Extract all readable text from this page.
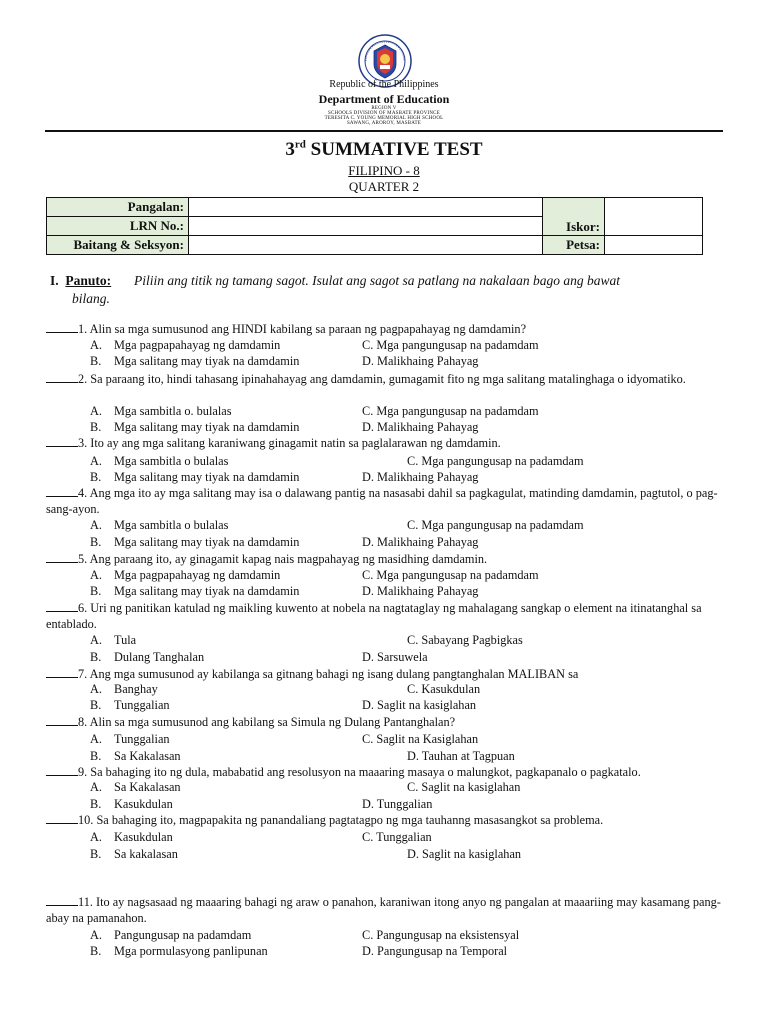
Republic of the Philippines
Department of Education
REGION V
SCHOOLS DIVISION OF MASBATE PROVINCE
TERESITA C. YOUNG MEMORIAL HIGH SCHOOL
SAWANG, AROROY, MASBATE
3rd SUMMATIVE TEST
FILIPINO - 8
QUARTER 2
Pangalan:		Iskor:	
LRN No.:			
Baitang & Seksyon:		Petsa:	
I. Panuto: Piliin ang titik ng tamang sagot. Isulat ang sagot sa patlang na nakalaan bago ang bawat
bilang.
1. Alin sa mga sumusunod ang HINDI kabilang sa paraan ng pagpapahayag ng damdamin?
A. Mga pagpapahayag ng damdamin	C. Mga pangungusap na padamdam
B. Mga salitang may tiyak na damdamin	D. Malikhaing Pahayag
2. Sa paraang ito, hindi tahasang ipinahahayag ang damdamin, gumagamit fito ng mga salitang matalinghaga o idyomatiko.
A. Mga sambitla o. bulalas	C. Mga pangungusap na padamdam
B. Mga salitang may tiyak na damdamin	D. Malikhaing Pahayag
3. Ito ay ang mga salitang karaniwang ginagamit natin sa paglalarawan ng damdamin.
A. Mga sambitla o bulalas	C. Mga pangungusap na padamdam
B. Mga salitang may tiyak na damdamin	D. Malikhaing Pahayag
4. Ang mga ito ay mga salitang may isa o dalawang pantig na nasasabi dahil sa pagkagulat, matinding damdamin, pagtutol, o pag-sang-ayon.
A. Mga sambitla o bulalas	C. Mga pangungusap na padamdam
B. Mga salitang may tiyak na damdamin	D. Malikhaing Pahayag
5. Ang paraang ito, ay ginagamit kapag nais magpahayag ng masidhing damdamin.
A. Mga pagpapahayag ng damdamin	C. Mga pangungusap na padamdam
B. Mga salitang may tiyak na damdamin	D. Malikhaing Pahayag
6. Uri ng panitikan katulad ng maikling kuwento at nobela na nagtataglay ng mahalagang sangkap o element na itinatanghal sa entablado.
A. Tula	C. Sabayang Pagbigkas
B. Dulang Tanghalan	D. Sarsuwela
7. Ang mga sumusunod ay kabilanga sa gitnang bahagi ng isang dulang pangtanghalan MALIBAN sa
A. Banghay	C. Kasukdulan
B. Tunggalian	D. Saglit na kasiglahan
8. Alin sa mga sumusunod ang kabilang sa Simula ng Dulang Pantanghalan?
A. Tunggalian	C. Saglit na Kasiglahan
B. Sa Kakalasan	D. Tauhan at Tagpuan
9. Sa bahaging ito ng dula, mababatid ang resolusyon na maaaring masaya o malungkot, pagkapanalo o pagkatalo.
A. Sa Kakalasan	C. Saglit na kasiglahan
B. Kasukdulan	D. Tunggalian
10. Sa bahaging ito, magpapakita ng panandaliang pagtatagpo ng mga tauhanng masasangkot sa problema.
A. Kasukdulan	C. Tunggalian
B. Sa kakalasan	D. Saglit na kasiglahan
11. Ito ay nagsasaad ng maaaring bahagi ng araw o panahon, karaniwan itong anyo ng pangalan at maaariing may kasamang pang-abay na pamanahon.
A. Pangungusap na padamdam	C. Pangungusap na eksistensyal
B. Mga pormulasyong panlipunan	D. Pangungusap na Temporal
